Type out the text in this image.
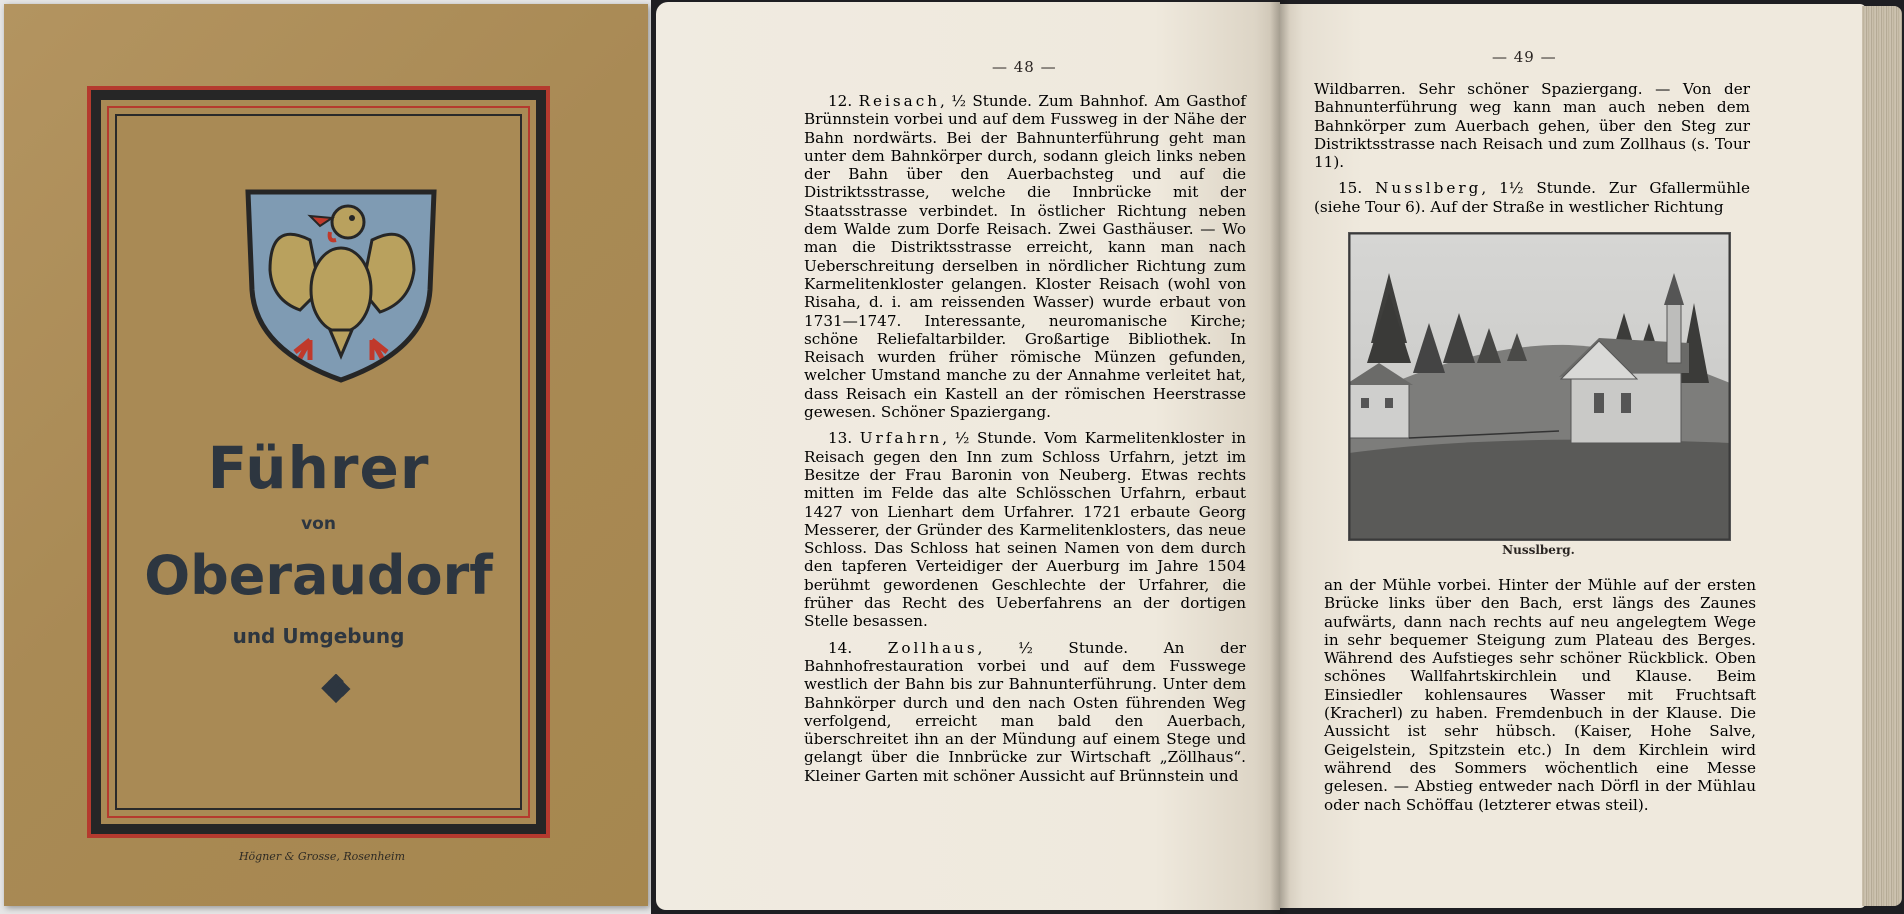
Führer
von
Oberaudorf
und Umgebung
Högner & Grosse, Rosenheim
— 48 —

12. Reisach, ½ Stunde. Zum Bahnhof. Am Gasthof Brünnstein vorbei und auf dem Fussweg in der Nähe der Bahn nordwärts. Bei der Bahnunterführung geht man unter dem Bahnkörper durch, sodann gleich links neben der Bahn über den Auerbachsteg und auf die Distriktsstrasse, welche die Innbrücke mit der Staatsstrasse verbindet. In östlicher Richtung neben dem Walde zum Dorfe Reisach. Zwei Gasthäuser. — Wo man die Distriktsstrasse erreicht, kann man nach Ueberschreitung derselben in nördlicher Richtung zum Karmelitenkloster gelangen. Kloster Reisach (wohl von Risaha, d. i. am reissenden Wasser) wurde erbaut von 1731—1747. Interessante, neuromanische Kirche; schöne Reliefaltarbilder. Großartige Bibliothek. In Reisach wurden früher römische Münzen gefunden, welcher Umstand manche zu der Annahme verleitet hat, dass Reisach ein Kastell an der römischen Heerstrasse gewesen. Schöner Spaziergang.

13. Urfahrn, ½ Stunde. Vom Karmelitenkloster in Reisach gegen den Inn zum Schloss Urfahrn, jetzt im Besitze der Frau Baronin von Neuberg. Etwas rechts mitten im Felde das alte Schlösschen Urfahrn, erbaut 1427 von Lienhart dem Urfahrer. 1721 erbaute Georg Messerer, der Gründer des Karmelitenklosters, das neue Schloss. Das Schloss hat seinen Namen von dem durch den tapferen Verteidiger der Auerburg im Jahre 1504 berühmt gewordenen Geschlechte der Urfahrer, die früher das Recht des Ueberfahrens an der dortigen Stelle besassen.

14. Zollhaus, ½ Stunde. An der Bahnhofrestauration vorbei und auf dem Fusswege westlich der Bahn bis zur Bahnunterführung. Unter dem Bahnkörper durch und den nach Osten führenden Weg verfolgend, erreicht man bald den Auerbach, überschreitet ihn an der Mündung auf einem Stege und gelangt über die Innbrücke zur Wirtschaft „Zöllhaus“. Kleiner Garten mit schöner Aussicht auf Brünnstein und

— 49 —

Wildbarren. Sehr schöner Spaziergang. — Von der Bahnunterführung weg kann man auch neben dem Bahnkörper zum Auerbach gehen, über den Steg zur Distriktsstrasse nach Reisach und zum Zollhaus (s. Tour 11).

15. Nusslberg, 1½ Stunde. Zur Gfallermühle (siehe Tour 6). Auf der Straße in westlicher Richtung

Nusslberg.

an der Mühle vorbei. Hinter der Mühle auf der ersten Brücke links über den Bach, erst längs des Zaunes aufwärts, dann nach rechts auf neu angelegtem Wege in sehr bequemer Steigung zum Plateau des Berges. Während des Aufstieges sehr schöner Rückblick. Oben schönes Wallfahrtskirchlein und Klause. Beim Einsiedler kohlensaures Wasser mit Fruchtsaft (Kracherl) zu haben. Fremdenbuch in der Klause. Die Aussicht ist sehr hübsch. (Kaiser, Hohe Salve, Geigelstein, Spitzstein etc.) In dem Kirchlein wird während des Sommers wöchentlich eine Messe gelesen. — Abstieg entweder nach Dörfl in der Mühlau oder nach Schöffau (letzterer etwas steil).
